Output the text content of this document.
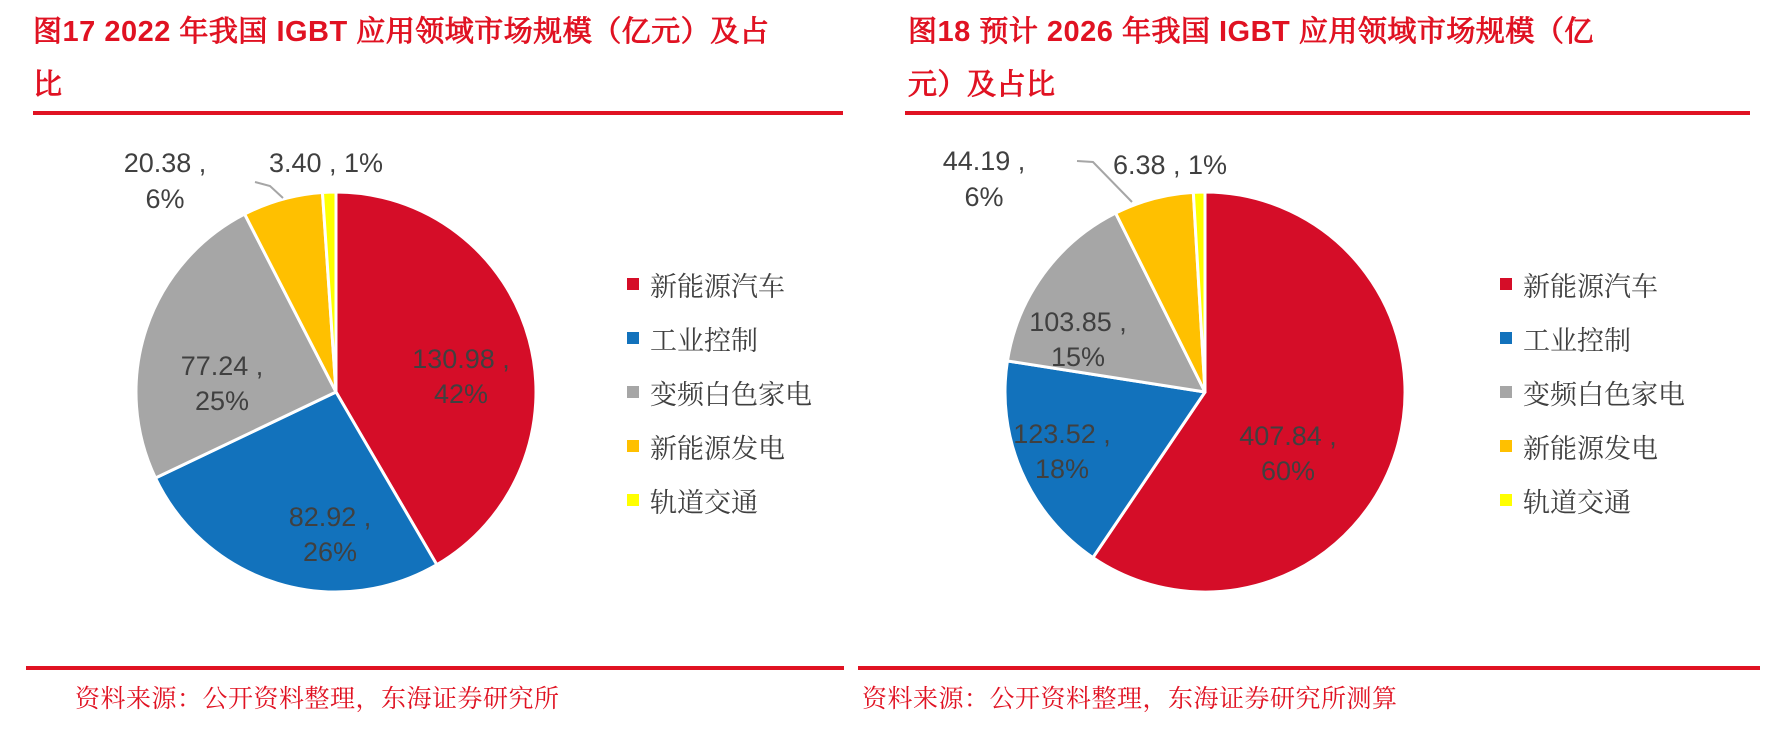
图17 2022 年我国 IGBT 应用领域市场规模（亿元）及占比
130.98 , 42%
82.92 , 26%
77.24 , 25%
20.38 , 6%
3.40 , 1%
新能源汽车
工业控制
变频白色家电
新能源发电
轨道交通
资料来源：公开资料整理，东海证券研究所
图18 预计 2026 年我国 IGBT 应用领域市场规模（亿元）及占比
407.84 , 60%
123.52 , 18%
103.85 , 15%
44.19 , 6%
6.38 , 1%
新能源汽车
工业控制
变频白色家电
新能源发电
轨道交通
资料来源：公开资料整理，东海证券研究所测算
